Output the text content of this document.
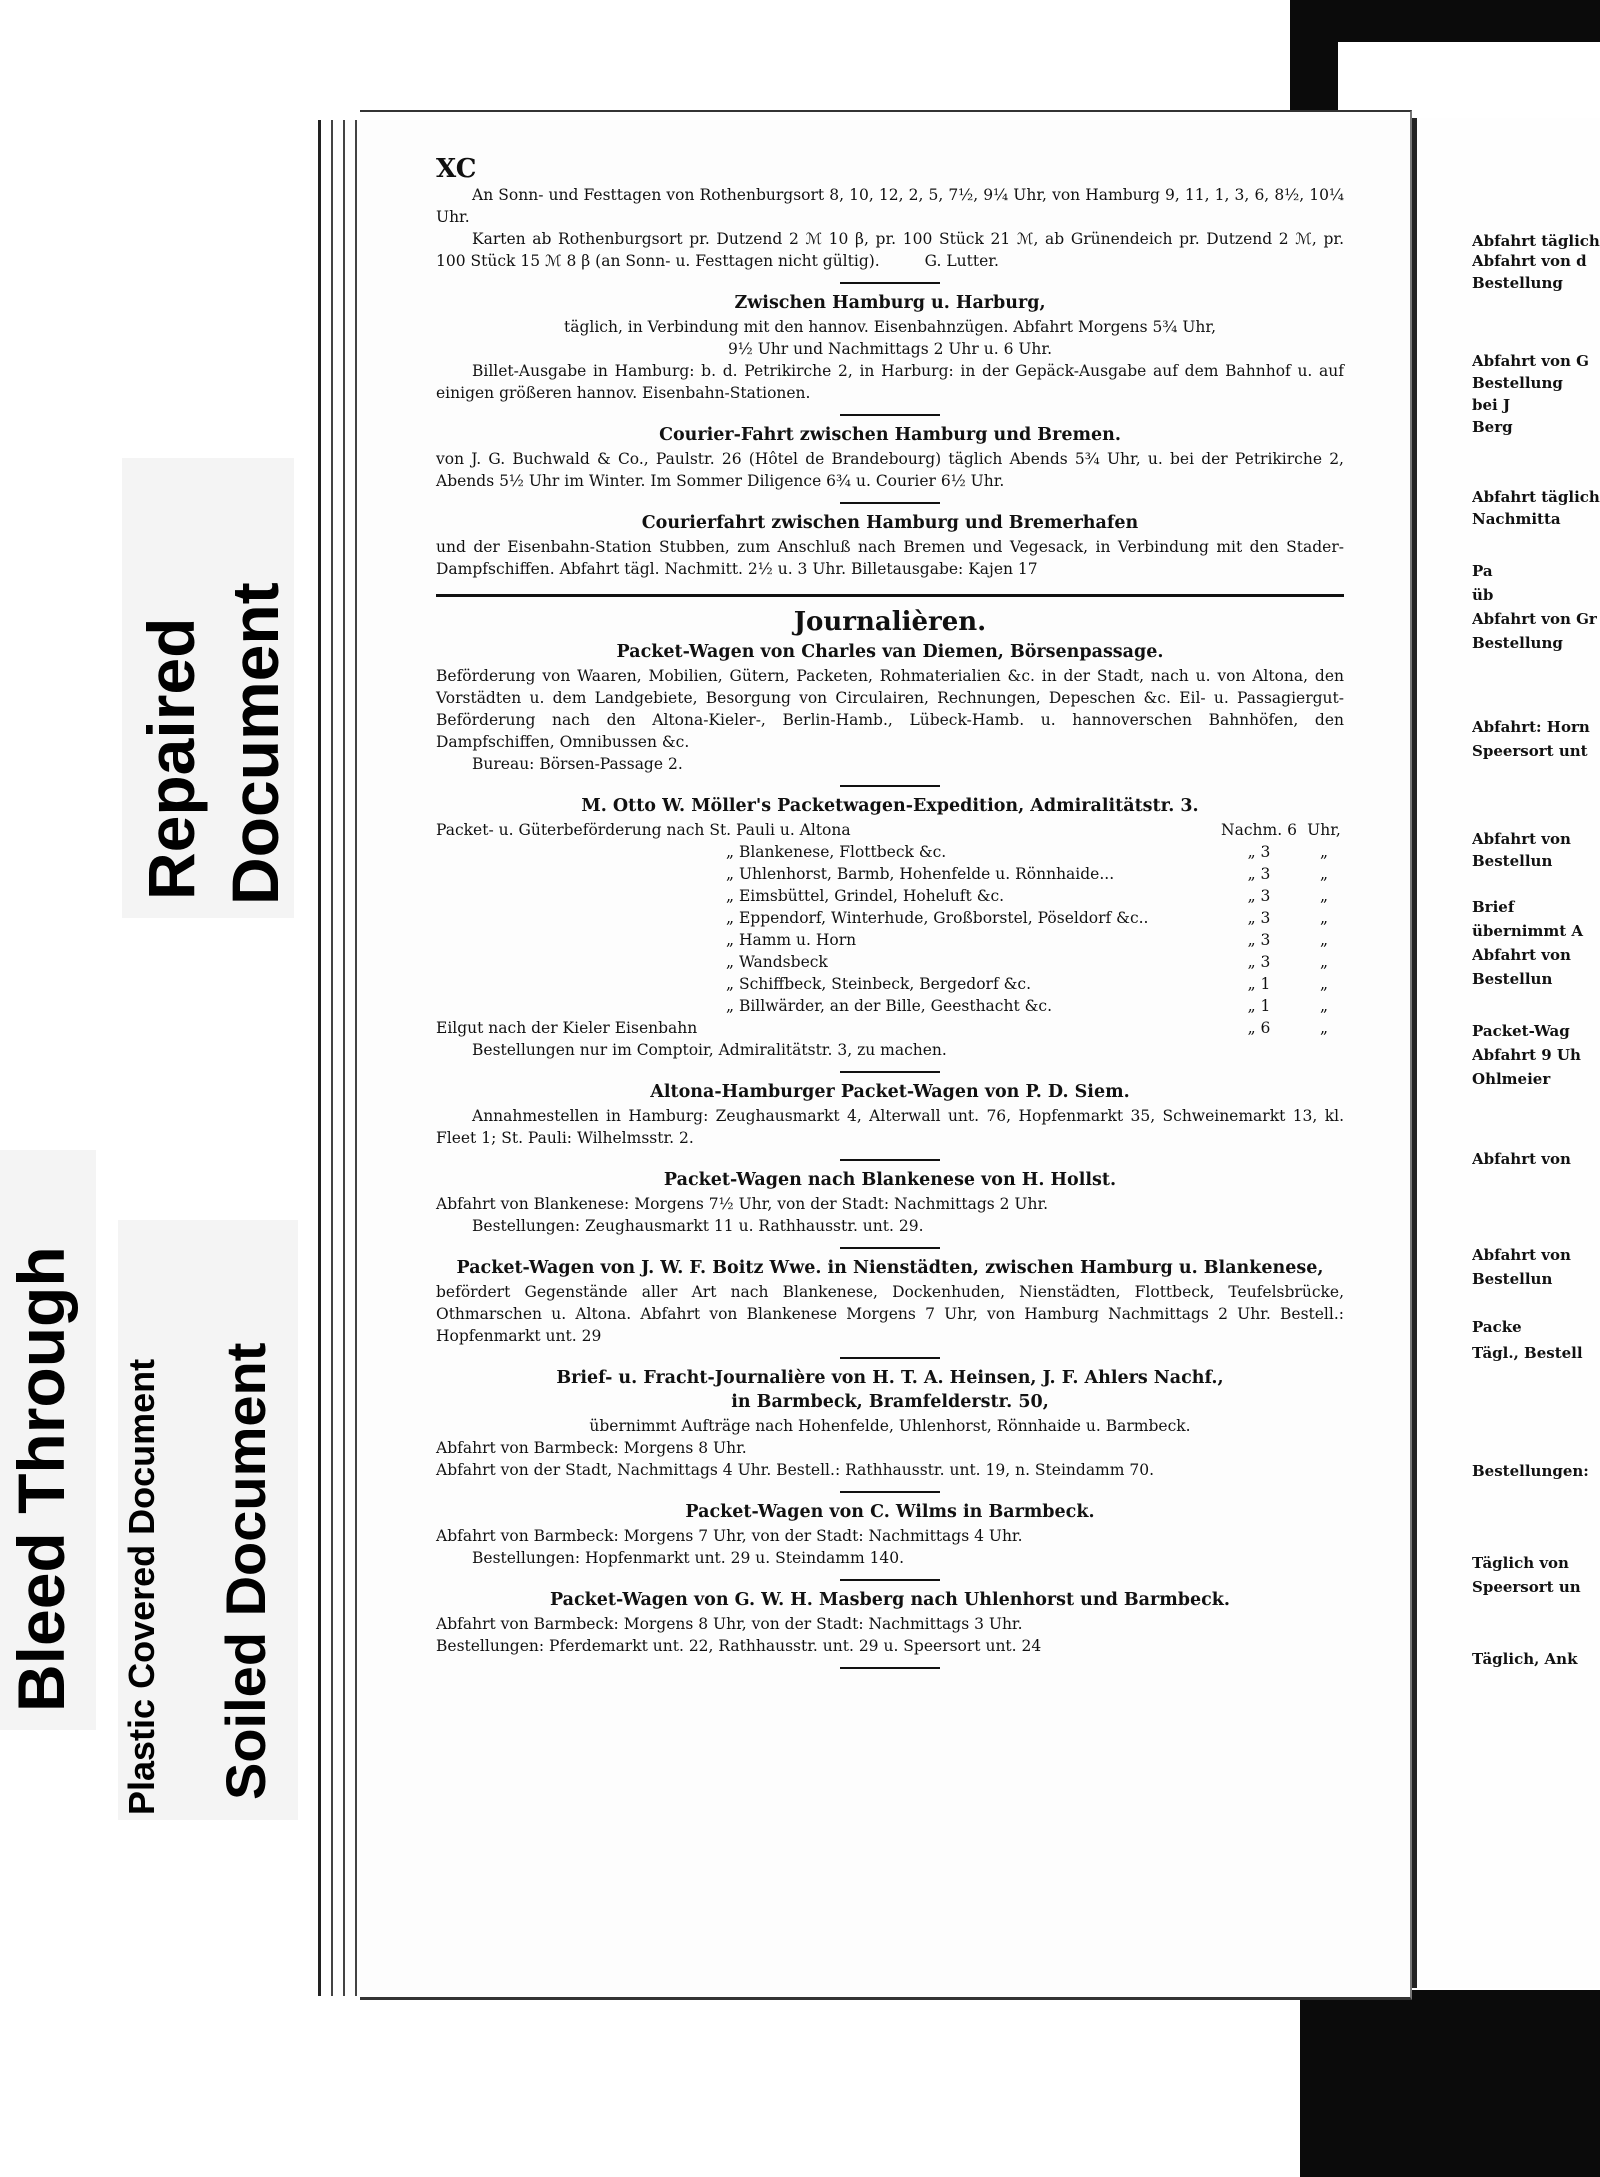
Repaired Document
Bleed Through Plastic Covered Document Soiled Document
Abfahrt täglich
Abfahrt von d
Bestellung
Abfahrt von G
Bestellung
bei J
Berg
Abfahrt täglich
Nachmitta
Pa
üb
Abfahrt von Gr
Bestellung
Abfahrt: Horn
Speersort unt
Abfahrt von
Bestellun
Brief
übernimmt A
Abfahrt von
Bestellun
Packet-Wag
Abfahrt 9 Uh
Ohlmeier
Abfahrt von
Abfahrt von
Bestellun
Packe
Tägl., Bestell
Bestellungen:
Täglich von
Speersort un
Täglich, Ank
XC

An Sonn- und Festtagen von Rothenburgsort 8, 10, 12, 2, 5, 7½, 9¼ Uhr, von Hamburg 9, 11, 1, 3, 6, 8½, 10¼ Uhr.

Karten ab Rothenburgsort pr. Dutzend 2 ℳ 10 β, pr. 100 Stück 21 ℳ, ab Grünendeich pr. Dutzend 2 ℳ, pr. 100 Stück 15 ℳ 8 β (an Sonn- u. Festtagen nicht gültig).	G. Lutter.

Zwischen Hamburg u. Harburg,

täglich, in Verbindung mit den hannov. Eisenbahnzügen. Abfahrt Morgens 5¾ Uhr,

9½ Uhr und Nachmittags 2 Uhr u. 6 Uhr.

Billet-Ausgabe in Hamburg: b. d. Petrikirche 2, in Harburg: in der Gepäck-Ausgabe auf dem Bahnhof u. auf einigen größeren hannov. Eisenbahn-Stationen.

Courier-Fahrt zwischen Hamburg und Bremen.

von J. G. Buchwald & Co., Paulstr. 26 (Hôtel de Brandebourg) täglich Abends 5¾ Uhr, u. bei der Petrikirche 2, Abends 5½ Uhr im Winter. Im Sommer Diligence 6¾ u. Courier 6½ Uhr.

Courierfahrt zwischen Hamburg und Bremerhafen

und der Eisenbahn-Station Stubben, zum Anschluß nach Bremen und Vegesack, in Verbindung mit den Stader-Dampfschiffen. Abfahrt tägl. Nachmitt. 2½ u. 3 Uhr. Billetausgabe: Kajen 17

Journalièren.
Packet-Wagen von Charles van Diemen, Börsenpassage.

Beförderung von Waaren, Mobilien, Gütern, Packeten, Rohmaterialien &c. in der Stadt, nach u. von Altona, den Vorstädten u. dem Landgebiete, Besorgung von Circulairen, Rechnungen, Depeschen &c. Eil- u. Passagiergut-Beförderung nach den Altona-Kieler-, Berlin-Hamb., Lübeck-Hamb. u. hannoverschen Bahnhöfen, den Dampfschiffen, Omnibussen &c.

Bureau: Börsen-Passage 2.

M. Otto W. Möller's Packetwagen-Expedition, Admiralitätstr. 3.
Packet- u. Güterbeförderung nach St. Pauli u. Altona	Nachm. 6 Uhr,
„ Blankenese, Flottbeck &c.	„ 3	„
„ Uhlenhorst, Barmb, Hohenfelde u. Rönnhaide...	„ 3	„
„ Eimsbüttel, Grindel, Hoheluft &c.	„ 3	„
„ Eppendorf, Winterhude, Großborstel, Pöseldorf &c..	„ 3	„
„ Hamm u. Horn	„ 3	„
„ Wandsbeck	„ 3	„
„ Schiffbeck, Steinbeck, Bergedorf &c.	„ 1	„
„ Billwärder, an der Bille, Geesthacht &c.	„ 1	„
Eilgut nach der Kieler Eisenbahn	„ 6	„

Bestellungen nur im Comptoir, Admiralitätstr. 3, zu machen.

Altona-Hamburger Packet-Wagen von P. D. Siem.

Annahmestellen in Hamburg: Zeughausmarkt 4, Alterwall unt. 76, Hopfenmarkt 35, Schweinemarkt 13, kl. Fleet 1; St. Pauli: Wilhelmsstr. 2.

Packet-Wagen nach Blankenese von H. Hollst.

Abfahrt von Blankenese: Morgens 7½ Uhr, von der Stadt: Nachmittags 2 Uhr.

Bestellungen: Zeughausmarkt 11 u. Rathhausstr. unt. 29.

Packet-Wagen von J. W. F. Boitz Wwe. in Nienstädten, zwischen Hamburg u. Blankenese,

befördert Gegenstände aller Art nach Blankenese, Dockenhuden, Nienstädten, Flottbeck, Teufelsbrücke, Othmarschen u. Altona. Abfahrt von Blankenese Morgens 7 Uhr, von Hamburg Nachmittags 2 Uhr. Bestell.: Hopfenmarkt unt. 29

Brief- u. Fracht-Journalière von H. T. A. Heinsen, J. F. Ahlers Nachf.,
in Barmbeck, Bramfelderstr. 50,

übernimmt Aufträge nach Hohenfelde, Uhlenhorst, Rönnhaide u. Barmbeck.

Abfahrt von Barmbeck: Morgens 8 Uhr.

Abfahrt von der Stadt, Nachmittags 4 Uhr. Bestell.: Rathhausstr. unt. 19, n. Steindamm 70.

Packet-Wagen von C. Wilms in Barmbeck.

Abfahrt von Barmbeck: Morgens 7 Uhr, von der Stadt: Nachmittags 4 Uhr.

Bestellungen: Hopfenmarkt unt. 29 u. Steindamm 140.

Packet-Wagen von G. W. H. Masberg nach Uhlenhorst und Barmbeck.

Abfahrt von Barmbeck: Morgens 8 Uhr, von der Stadt: Nachmittags 3 Uhr.

Bestellungen: Pferdemarkt unt. 22, Rathhausstr. unt. 29 u. Speersort unt. 24
